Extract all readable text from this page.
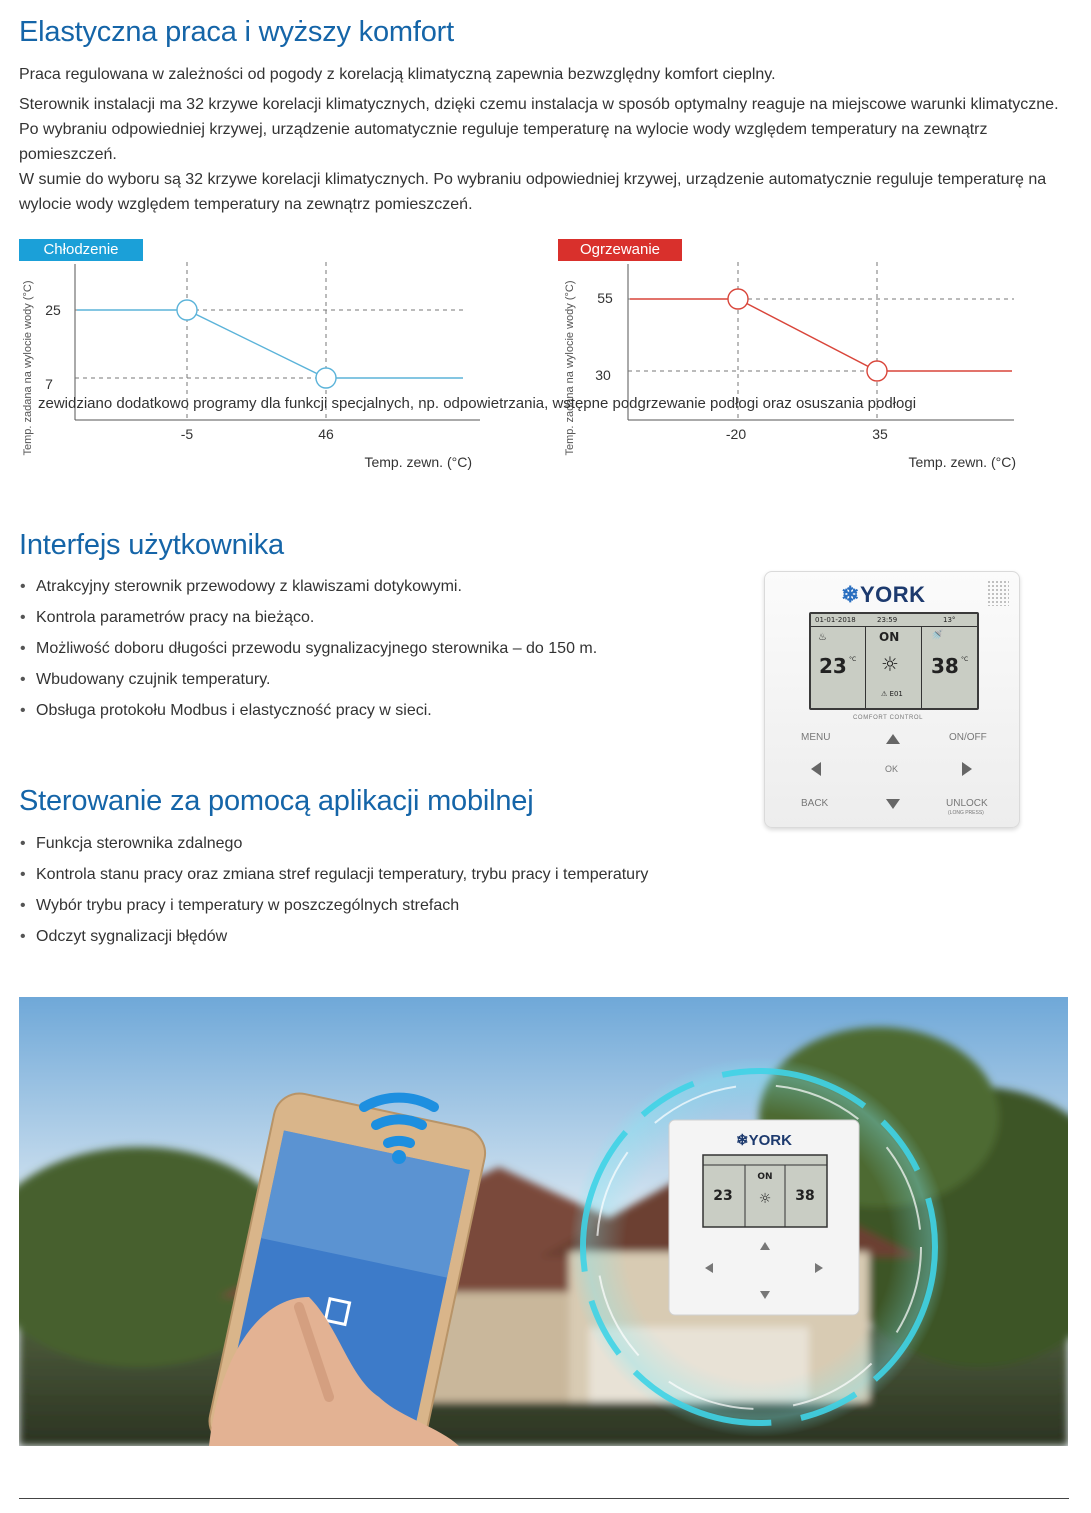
Elastyczna praca i wyższy komfort

Praca regulowana w zależności od pogody z korelacją klimatyczną zapewnia bezwzględny komfort cieplny.

Sterownik instalacji ma 32 krzywe korelacji klimatycznych, dzięki czemu instalacja w sposób optymalny reaguje na miejscowe warunki klimatyczne. Po wybraniu odpowiedniej krzywej, urządzenie automatycznie reguluje temperaturę na wylocie wody względem temperatury na zewnątrz pomieszczeń.

W sumie do wyboru są 32 krzywe korelacji klimatycznych. Po wybraniu odpowiedniej krzywej, urządzenie automatycznie reguluje temperaturę na wylocie wody względem temperatury na zewnątrz pomieszczeń.

Chłodzenie	Ogrzewanie
25
7
-5	46
Temp. zewn. (°C)
Temp. zadana na wylocie wody (°C)	55
30
-20	35
Temp. zewn. (°C)
Temp. zadana na wylocie wody (°C)
zewidziano dodatkowo programy dla funkcji specjalnych, np. odpowietrzania, wstępne podgrzewanie podłogi oraz osuszania podłogi
Interfejs użytkownika
• Atrakcyjny sterownik przewodowy z klawiszami dotykowymi.
• Kontrola parametrów pracy na bieżąco.
• Możliwość doboru długości przewodu sygnalizacyjnego sterownika – do 150 m.
• Wbudowany czujnik temperatury.
• Obsługa protokołu Modbus i elastyczność pracy w sieci.
❄YORK
01-01-2018	23:59	13°
♨	ON	🚿
23 °C ☼ 38 °C
⚠ E01
COMFORT CONTROL
MENU	ON/OFF
OK
BACK	UNLOCK
(LONG PRESS)
Sterowanie za pomocą aplikacji mobilnej
• Funkcja sterownika zdalnego
• Kontrola stanu pracy oraz zmiana stref regulacji temperatury, trybu pracy i temperatury
• Wybór trybu pracy i temperatury w poszczególnych strefach
• Odczyt sygnalizacji błędów
❄YORK
23
ON
☼ 38
